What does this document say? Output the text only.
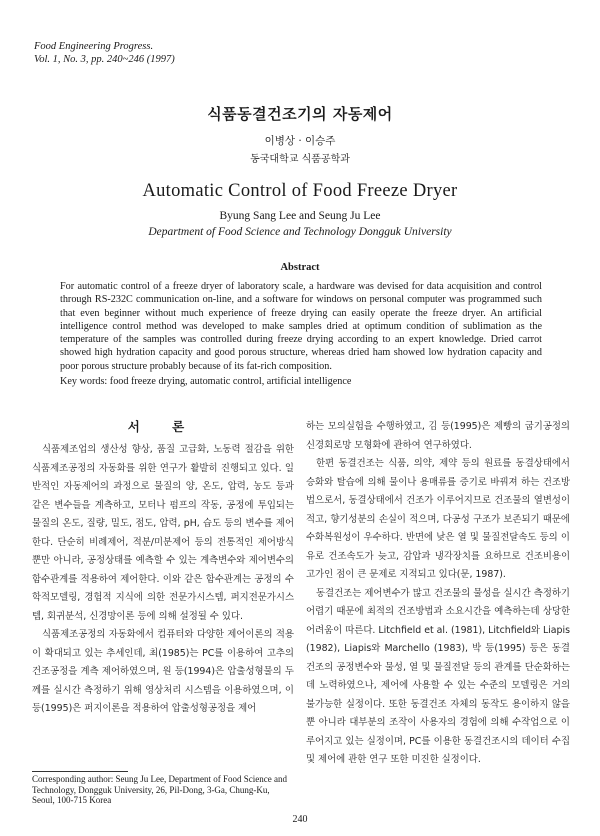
Food Engineering Progress.
Vol. 1, No. 3, pp. 240~246 (1997)
식품동결건조기의 자동제어
이병상 · 이승주
동국대학교 식품공학과
Automatic Control of Food Freeze Dryer
Byung Sang Lee and Seung Ju Lee
Department of Food Science and Technology Dongguk University
Abstract
For automatic control of a freeze dryer of laboratory scale, a hardware was devised for data acquisition and control through RS-232C communication on-line, and a software for windows on personal computer was programmed such that even beginner without much experience of freeze drying can easily operate the freeze dryer. An artificial intelligence control method was developed to make samples dried at optimum condition of sublimation as the temperature of the samples was controlled during freeze drying according to an expert knowledge. Dried carrot showed high hydration capacity and good porous structure, whereas dried ham showed low hydration capacity and poor porous structure probably because of its fat-rich composition.
Key words: food freeze drying, automatic control, artificial intelligence
서 론

식품제조업의 생산성 향상, 품질 고급화, 노동력 절감을 위한 식품제조공정의 자동화를 위한 연구가 활발히 진행되고 있다. 일반적인 자동제어의 과정으로 물질의 양, 온도, 압력, 농도 등과 같은 변수들을 계측하고, 모터나 펌프의 작동, 공정에 투입되는 물질의 온도, 질량, 밀도, 점도, 압력, pH, 습도 등의 변수를 제어한다. 단순히 비례제어, 적분/미분제어 등의 전통적인 제어방식 뿐만 아니라, 공정상태를 예측할 수 있는 계측변수와 제어변수의 함수관계를 적용하여 제어한다. 이와 같은 함수관계는 공정의 수학적모델링, 경험적 지식에 의한 전문가시스템, 퍼지전문가시스템, 회귀분석, 신경망이론 등에 의해 설정될 수 있다.

식품제조공정의 자동화에서 컴퓨터와 다양한 제어이론의 적용이 확대되고 있는 추세인데, 최(1985)는 PC를 이용하여 고추의 건조공정을 계측 제어하였으며, 원 등(1994)은 압출성형물의 두께를 실시간 측정하기 위해 영상처리 시스템을 이용하였으며, 이 등(1995)은 퍼지이론을 적용하여 압출성형공정을 제어

하는 모의실험을 수행하였고, 김 등(1995)은 제빵의 굽기공정의 신경회로망 모형화에 관하여 연구하였다.

한편 동결건조는 식품, 의약, 제약 등의 원료를 동결상태에서 승화와 탈습에 의해 물이나 용매류를 증기로 바꿔져 하는 건조방법으로서, 동결상태에서 건조가 이루어지므로 건조물의 열변성이 적고, 향기성분의 손실이 적으며, 다공성 구조가 보존되기 때문에 수화복원성이 우수하다. 반면에 낮은 열 및 물질전달속도 등의 이유로 건조속도가 늦고, 감압과 냉각장치를 요하므로 건조비용이 고가인 점이 큰 문제로 지적되고 있다(문, 1987).

동결건조는 제어변수가 많고 건조물의 물성을 실시간 측정하기 어렵기 때문에 최적의 건조방법과 소요시간을 예측하는데 상당한 어려움이 따른다. Litchfield et al. (1981), Litchfield와 Liapis (1982), Liapis와 Marchello (1983), 박 등(1995) 등은 동결건조의 공정변수와 물성, 열 및 물질전달 등의 관계를 단순화하는데 노력하였으나, 제어에 사용할 수 있는 수준의 모델링은 거의 불가능한 실정이다. 또한 동결건조 자체의 동작도 용이하지 않을 뿐 아니라 대부분의 조작이 사용자의 경험에 의해 수작업으로 이루어지고 있는 실정이며, PC를 이용한 동결건조시의 데이터 수집 및 제어에 관한 연구 또한 미진한 실정이다.

Corresponding author: Seung Ju Lee, Department of Food Science and Technology, Dongguk University, 26, Pil-Dong, 3-Ga, Chung-Ku, Seoul, 100-715 Korea
240
